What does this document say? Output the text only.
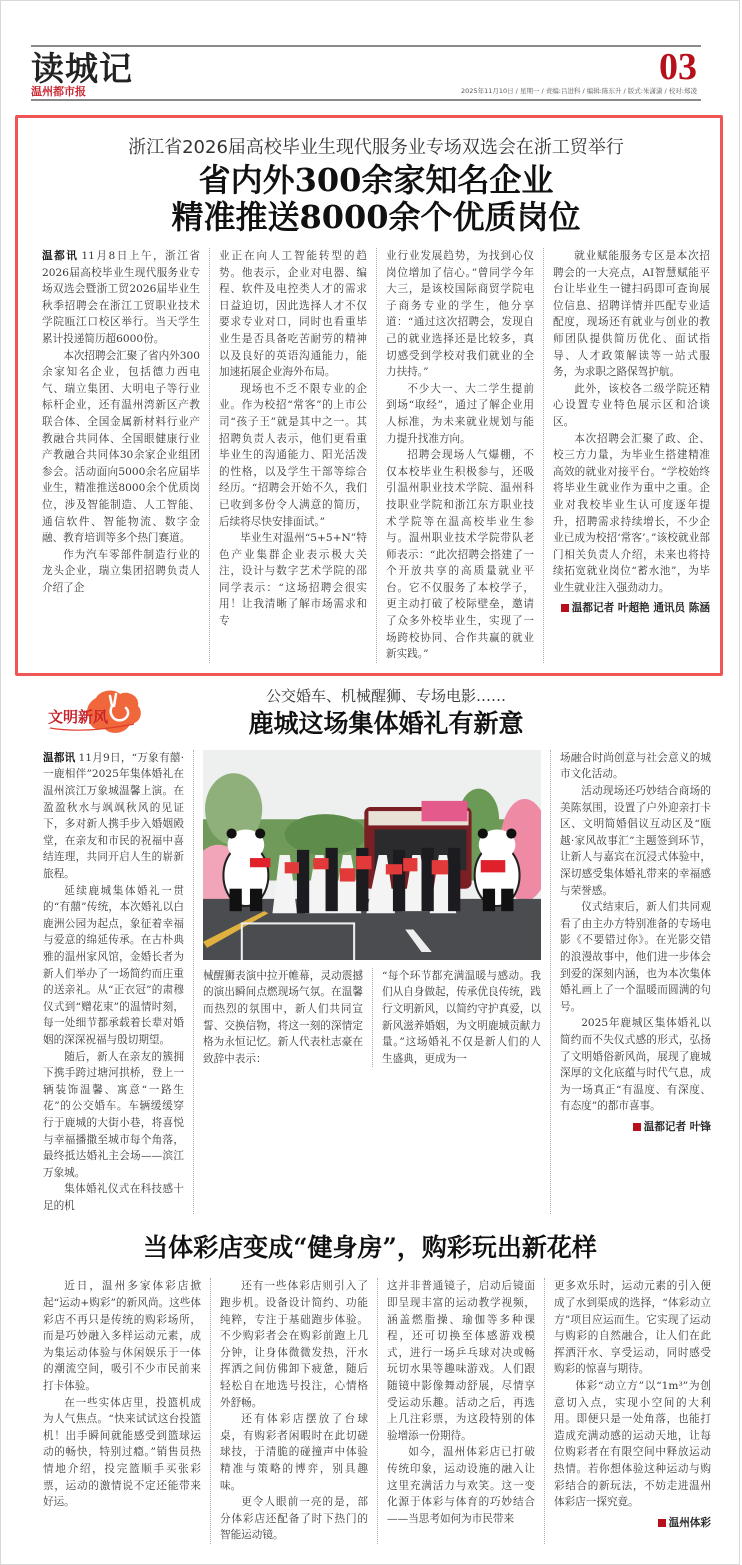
读城记
温州都市报
03
2025年11月10日 / 星期一 / 责编:吕进科 / 编辑:陈东升 / 版式:朱潇潇 / 校对:郑凌
浙江省2026届高校毕业生现代服务业专场双选会在浙工贸举行
省内外300余家知名企业
精准推送8000余个优质岗位

温都讯 11月8日上午，浙江省2026届高校毕业生现代服务业专场双选会暨浙工贸2026届毕业生秋季招聘会在浙江工贸职业技术学院瓯江口校区举行。当天学生累计投递简历超6000份。

本次招聘会汇聚了省内外300余家知名企业，包括德力西电气、瑞立集团、大明电子等行业标杆企业，还有温州湾新区产教联合体、全国金属新材料行业产教融合共同体、全国眼健康行业产教融合共同体30余家企业组团参会。活动面向5000余名应届毕业生，精准推送8000余个优质岗位，涉及智能制造、人工智能、通信软件、智能物流、数字金融、教育培训等多个热门赛道。

作为汽车零部件制造行业的龙头企业，瑞立集团招聘负责人介绍了企

业正在向人工智能转型的趋势。他表示，企业对电器、编程、软件及电控类人才的需求日益迫切，因此选择人才不仅要求专业对口，同时也看重毕业生是否具备吃苦耐劳的精神以及良好的英语沟通能力，能加速拓展企业海外布局。

现场也不乏不限专业的企业。作为校招“常客”的上市公司“孩子王”就是其中之一。其招聘负责人表示，他们更看重毕业生的沟通能力、阳光活泼的性格，以及学生干部等综合经历。“招聘会开始不久，我们已收到多份令人满意的简历，后续将尽快安排面试。”

毕业生对温州“5+5+N”特色产业集群企业表示极大关注，设计与数字艺术学院的邵同学表示：“这场招聘会很实用！让我清晰了解市场需求和专

业行业发展趋势，为找到心仪岗位增加了信心。”曾同学今年大三，是该校国际商贸学院电子商务专业的学生，他分享道：“通过这次招聘会，发现自己的就业选择还是比较多，真切感受到学校对我们就业的全力扶持。”

不少大一、大二学生提前到场“取经”，通过了解企业用人标准，为未来就业规划与能力提升找准方向。

招聘会现场人气爆棚，不仅本校毕业生积极参与，还吸引温州职业技术学院、温州科技职业学院和浙江东方职业技术学院等在温高校毕业生参与。温州职业技术学院带队老师表示：“此次招聘会搭建了一个开放共享的高质量就业平台。它不仅服务了本校学子，更主动打破了校际壁垒，邀请了众多外校毕业生，实现了一场跨校协同、合作共赢的就业新实践。”

就业赋能服务专区是本次招聘会的一大亮点，AI智慧赋能平台让毕业生一键扫码即可查询展位信息、招聘详情并匹配专业适配度，现场还有就业与创业的教师团队提供简历优化、面试指导、人才政策解读等一站式服务，为求职之路保驾护航。

此外，该校各二级学院还精心设置专业特色展示区和洽谈区。

本次招聘会汇聚了政、企、校三方力量，为毕业生搭建精准高效的就业对接平台。“学校始终将毕业生就业作为重中之重。企业对我校毕业生认可度逐年提升，招聘需求持续增长，不少企业已成为校招‘常客’。”该校就业部门相关负责人介绍，未来也将持续拓宽就业岗位“蓄水池”，为毕业生就业注入强劲动力。

温都记者 叶超艳 通讯员 陈涵
文明新风
公交婚车、机械醒狮、专场电影……
鹿城这场集体婚礼有新意

温都讯 11月9日，“万象有囍·一鹿相伴”2025年集体婚礼在温州滨江万象城温馨上演。在盈盈秋水与飒飒秋风的见证下，多对新人携手步入婚姻殿堂，在亲友和市民的祝福中喜结连理，共同开启人生的崭新旅程。

延续鹿城集体婚礼一贯的“有囍”传统，本次婚礼以白鹿洲公园为起点，象征着幸福与爱意的绵延传承。在古朴典雅的温州家风馆，金婚长者为新人们举办了一场简约而庄重的送亲礼。从“正衣冠”的肃穆仪式到“赠花束”的温情时刻，每一处细节都承载着长辈对婚姻的深深祝福与殷切期望。

随后，新人在亲友的簇拥下携手跨过塘河拱桥，登上一辆装饰温馨、寓意“一路生花”的公交婚车。车辆缓缓穿行于鹿城的大街小巷，将喜悦与幸福播撒至城市每个角落，最终抵达婚礼主会场——滨江万象城。

集体婚礼仪式在科技感十足的机

械醒狮表演中拉开帷幕，灵动震撼的演出瞬间点燃现场气氛。在温馨而热烈的氛围中，新人们共同宣誓、交换信物，将这一刻的深情定格为永恒记忆。新人代表杜志豪在致辞中表示：

“每个环节都充满温暖与感动。我们从自身做起，传承优良传统，践行文明新风，以简约守护真爱，以新风滋养婚姻，为文明鹿城贡献力量。”这场婚礼不仅是新人们的人生盛典，更成为一

场融合时尚创意与社会意义的城市文化活动。

活动现场还巧妙结合商场的美陈氛围，设置了户外迎亲打卡区、文明简婚倡议互动区及“瓯越·家风故事汇”主题签到环节，让新人与嘉宾在沉浸式体验中，深切感受集体婚礼带来的幸福感与荣誉感。

仪式结束后，新人们共同观看了由主办方特别准备的专场电影《不要错过你》。在光影交错的浪漫故事中，他们进一步体会到爱的深刻内涵，也为本次集体婚礼画上了一个温暖而圆满的句号。

2025年鹿城区集体婚礼以简约而不失仪式感的形式，弘扬了文明婚俗新风尚，展现了鹿城深厚的文化底蕴与时代气息，成为一场真正“有温度、有深度、有态度”的都市喜事。

温都记者 叶锋
当体彩店变成“健身房”，购彩玩出新花样

近日，温州多家体彩店掀起“运动+购彩”的新风尚。这些体彩店不再只是传统的购彩场所，而是巧妙融入多样运动元素，成为集运动体验与休闲娱乐于一体的潮流空间，吸引不少市民前来打卡体验。

在一些实体店里，投篮机成为人气焦点。“快来试试这台投篮机！出手瞬间就能感受到篮球运动的畅快，特别过瘾。”销售员热情地介绍，投完篮顺手买张彩票，运动的激情说不定还能带来好运。

还有一些体彩店则引入了跑步机。设备设计简约、功能纯粹，专注于基础跑步体验。不少购彩者会在购彩前跑上几分钟，让身体微微发热，汗水挥洒之间仿佛卸下疲惫，随后轻松自在地选号投注，心情格外舒畅。

还有体彩店摆放了台球桌，有购彩者闲暇时在此切磋球技，于清脆的碰撞声中体验精准与策略的博弈，别具趣味。

更令人眼前一亮的是，部分体彩店还配备了时下热门的智能运动镜。

这并非普通镜子，启动后镜面即呈现丰富的运动教学视频，涵盖燃脂操、瑜伽等多种课程，还可切换至体感游戏模式，进行一场乒乓球对决或畅玩切水果等趣味游戏。人们跟随镜中影像舞动舒展，尽情享受运动乐趣。活动之后，再选上几注彩票，为这段特别的体验增添一份期待。

如今，温州体彩店已打破传统印象，运动设施的融入让这里充满活力与欢笑。这一变化源于体彩与体育的巧妙结合——当思考如何为市民带来

更多欢乐时，运动元素的引入便成了水到渠成的选择，“体彩动立方”项目应运而生。它实现了运动与购彩的自然融合，让人们在此挥洒汗水、享受运动，同时感受购彩的惊喜与期待。

体彩“动立方”以“1m³”为创意切入点，实现小空间的大利用。即便只是一处角落，也能打造成充满动感的运动天地，让每位购彩者在有限空间中释放运动热情。若你想体验这种运动与购彩结合的新玩法，不妨走进温州体彩店一探究竟。

温州体彩
